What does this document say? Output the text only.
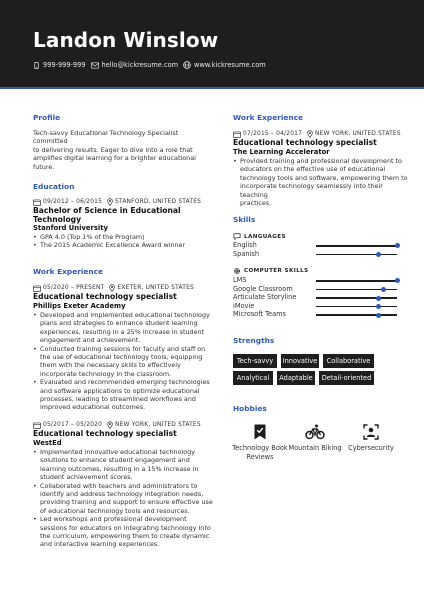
Landon Winslow
999-999-999 hello@kickresume.com www.kickresume.com
Profile
Tech-savvy Educational Technology Specialist committed
to delivering results. Eager to dive into a role that
amplifies digital learning for a brighter educational
future.
Education
09/2012 – 06/2015 STANFORD, UNITED STATES
Bachelor of Science in Educational
Technology
Stanford University
• GPA 4.0 (Top 1% of the Program)
• The 2015 Academic Excellence Award winner
Work Experience
05/2020 – PRESENT EXETER, UNITED STATES
Educational technology specialist
Phillips Exeter Academy
• Developed and implemented educational technology
plans and strategies to enhance student learning
experiences, resulting in a 25% increase in student
engagement and achievement.
• Conducted training sessions for faculty and staff on
the use of educational technology tools, equipping
them with the necessary skills to effectively
incorporate technology in the classroom.
• Evaluated and recommended emerging technologies
and software applications to optimize educational
processes, leading to streamlined workflows and
improved educational outcomes.
05/2017 – 05/2020 NEW YORK, UNITED STATES
Educational technology specialist
WestEd
• Implemented innovative educational technology
solutions to enhance student engagement and
learning outcomes, resulting in a 15% increase in
student achievement scores.
• Collaborated with teachers and administrators to
identify and address technology integration needs,
providing training and support to ensure effective use
of educational technology tools and resources.
• Led workshops and professional development
sessions for educators on integrating technology into
the curriculum, empowering them to create dynamic
and interactive learning experiences.
Work Experience
07/2015 – 04/2017 NEW YORK, UNITED STATES
Educational technology specialist
The Learning Accelerator
• Provided training and professional development to
educators on the effective use of educational
technology tools and software, empowering them to
incorporate technology seamlessly into their teaching
practices.
Skills
LANGUAGES
English
Spanish
COMPUTER SKILLS
LMS
Google Classroom
Articulate Storyline
iMovie
Microsoft Teams
Strengths
Tech-savvy	Innovative	Collaborative
Analytical	Adaptable	Detail-oriented
Hobbies
Technology Book
Reviews
Mountain Biking Cybersecurity
